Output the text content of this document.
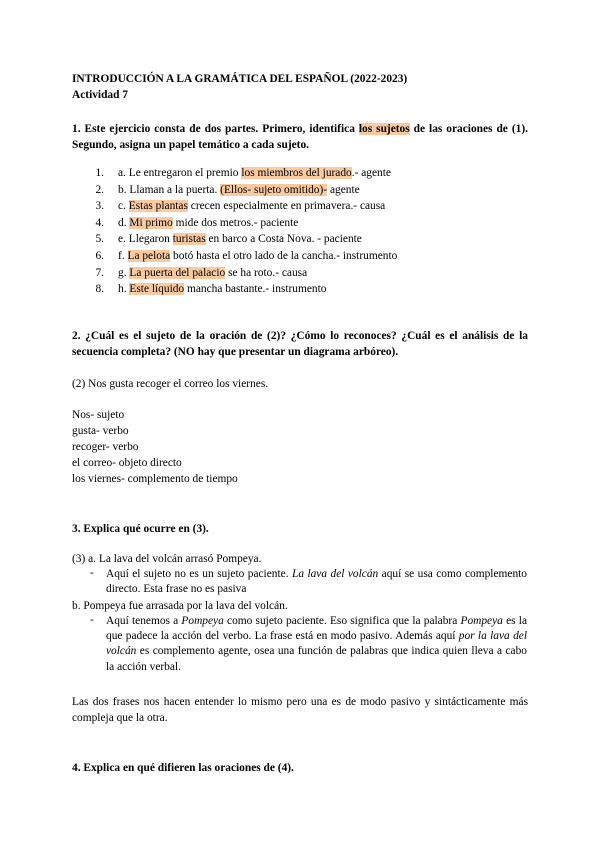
INTRODUCCIÓN A LA GRAMÁTICA DEL ESPAÑOL (2022-2023)
Actividad 7
1. Este ejercicio consta de dos partes. Primero, identifica los sujetos de las oraciones de (1). Segundo, asigna un papel temático a cada sujeto.
1. a. Le entregaron el premio los miembros del jurado.- agente
2. b. Llaman a la puerta. (Ellos- sujeto omitido)- agente
3. c. Estas plantas crecen especialmente en primavera.- causa
4. d. Mi primo mide dos metros.- paciente
5. e. Llegaron turistas en barco a Costa Nova. - paciente
6. f. La pelota botó hasta el otro lado de la cancha.- instrumento
7. g. La puerta del palacio se ha roto.- causa
8. h. Este líquido mancha bastante.- instrumento
2. ¿Cuál es el sujeto de la oración de (2)? ¿Cómo lo reconoces? ¿Cuál es el análisis de la secuencia completa? (NO hay que presentar un diagrama arbóreo).
(2) Nos gusta recoger el correo los viernes.
Nos- sujeto
gusta- verbo
recoger- verbo
el correo- objeto directo
los viernes- complemento de tiempo
3. Explica qué ocurre en (3).
(3) a. La lava del volcán arrasó Pompeya.
- Aquí el sujeto no es un sujeto paciente. La lava del volcán aquí se usa como complemento directo. Esta frase no es pasiva
b. Pompeya fue arrasada por la lava del volcán.
- Aquí tenemos a Pompeya como sujeto paciente. Eso significa que la palabra Pompeya es la que padece la acción del verbo. La frase está en modo pasivo. Además aquí por la lava del volcán es complemento agente, osea una función de palabras que indica quien lleva a cabo la acción verbal.
Las dos frases nos hacen entender lo mismo pero una es de modo pasivo y sintácticamente más compleja que la otra.
4. Explica en qué difieren las oraciones de (4).
